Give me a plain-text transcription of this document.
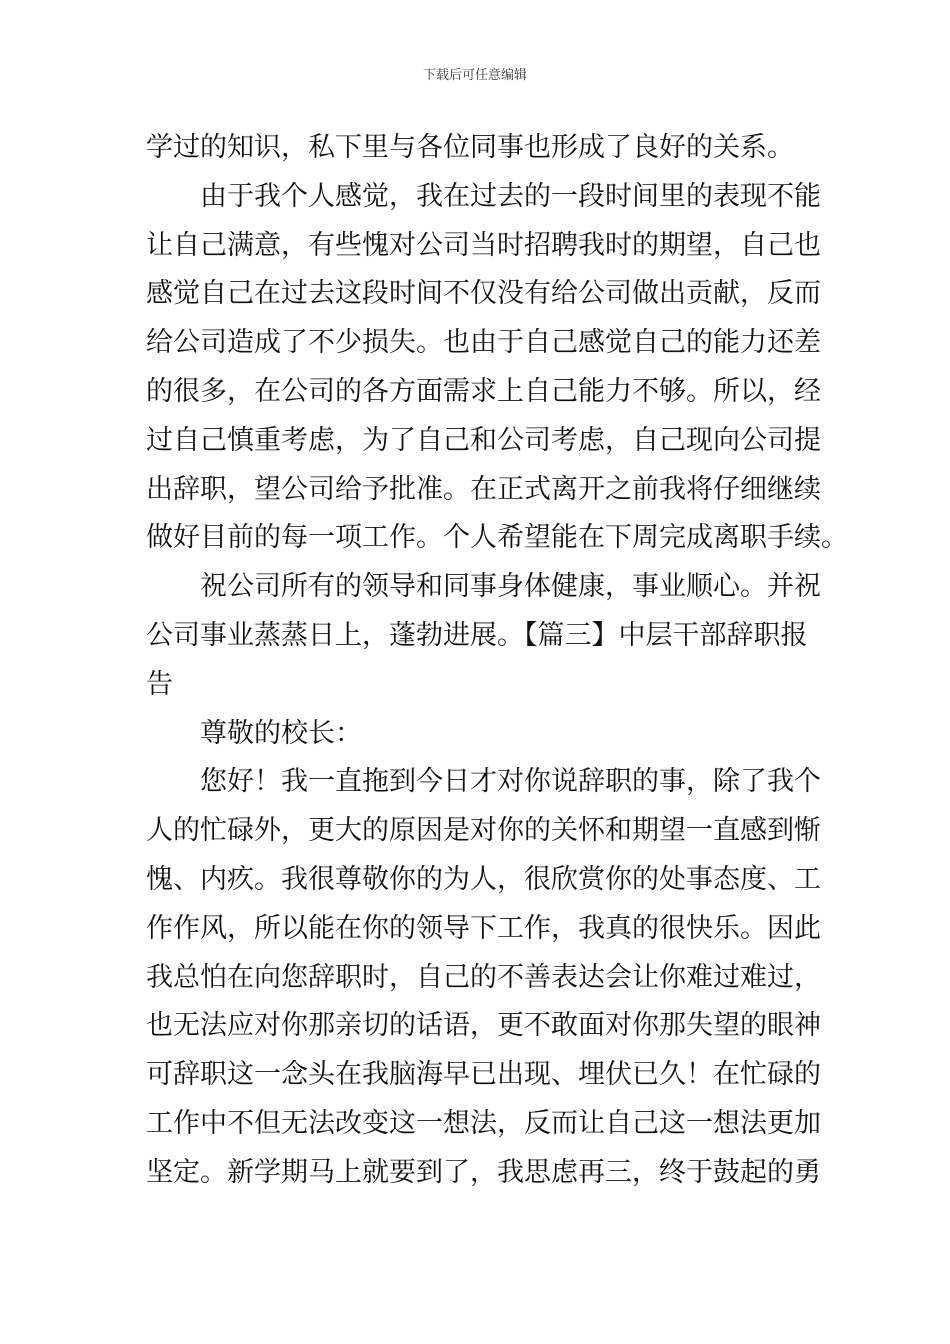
下载后可任意编辑
学过的知识，私下里与各位同事也形成了良好的关系。
由于我个人感觉，我在过去的一段时间里的表现不能
让自己满意，有些愧对公司当时招聘我时的期望，自己也
感觉自己在过去这段时间不仅没有给公司做出贡献，反而
给公司造成了不少损失。也由于自己感觉自己的能力还差
的很多，在公司的各方面需求上自己能力不够。所以，经
过自己慎重考虑，为了自己和公司考虑，自己现向公司提
出辞职，望公司给予批准。在正式离开之前我将仔细继续
做好目前的每一项工作。个人希望能在下周完成离职手续。
祝公司所有的领导和同事身体健康，事业顺心。并祝
公司事业蒸蒸日上，蓬勃进展。【篇三】中层干部辞职报
告
尊敬的校长：
您好！我一直拖到今日才对你说辞职的事，除了我个
人的忙碌外，更大的原因是对你的关怀和期望一直感到惭
愧、内疚。我很尊敬你的为人，很欣赏你的处事态度、工
作作风，所以能在你的领导下工作，我真的很快乐。因此
我总怕在向您辞职时，自己的不善表达会让你难过难过，
也无法应对你那亲切的话语，更不敢面对你那失望的眼神
可辞职这一念头在我脑海早已出现、埋伏已久！在忙碌的
工作中不但无法改变这一想法，反而让自己这一想法更加
坚定。新学期马上就要到了，我思虑再三，终于鼓起的勇
